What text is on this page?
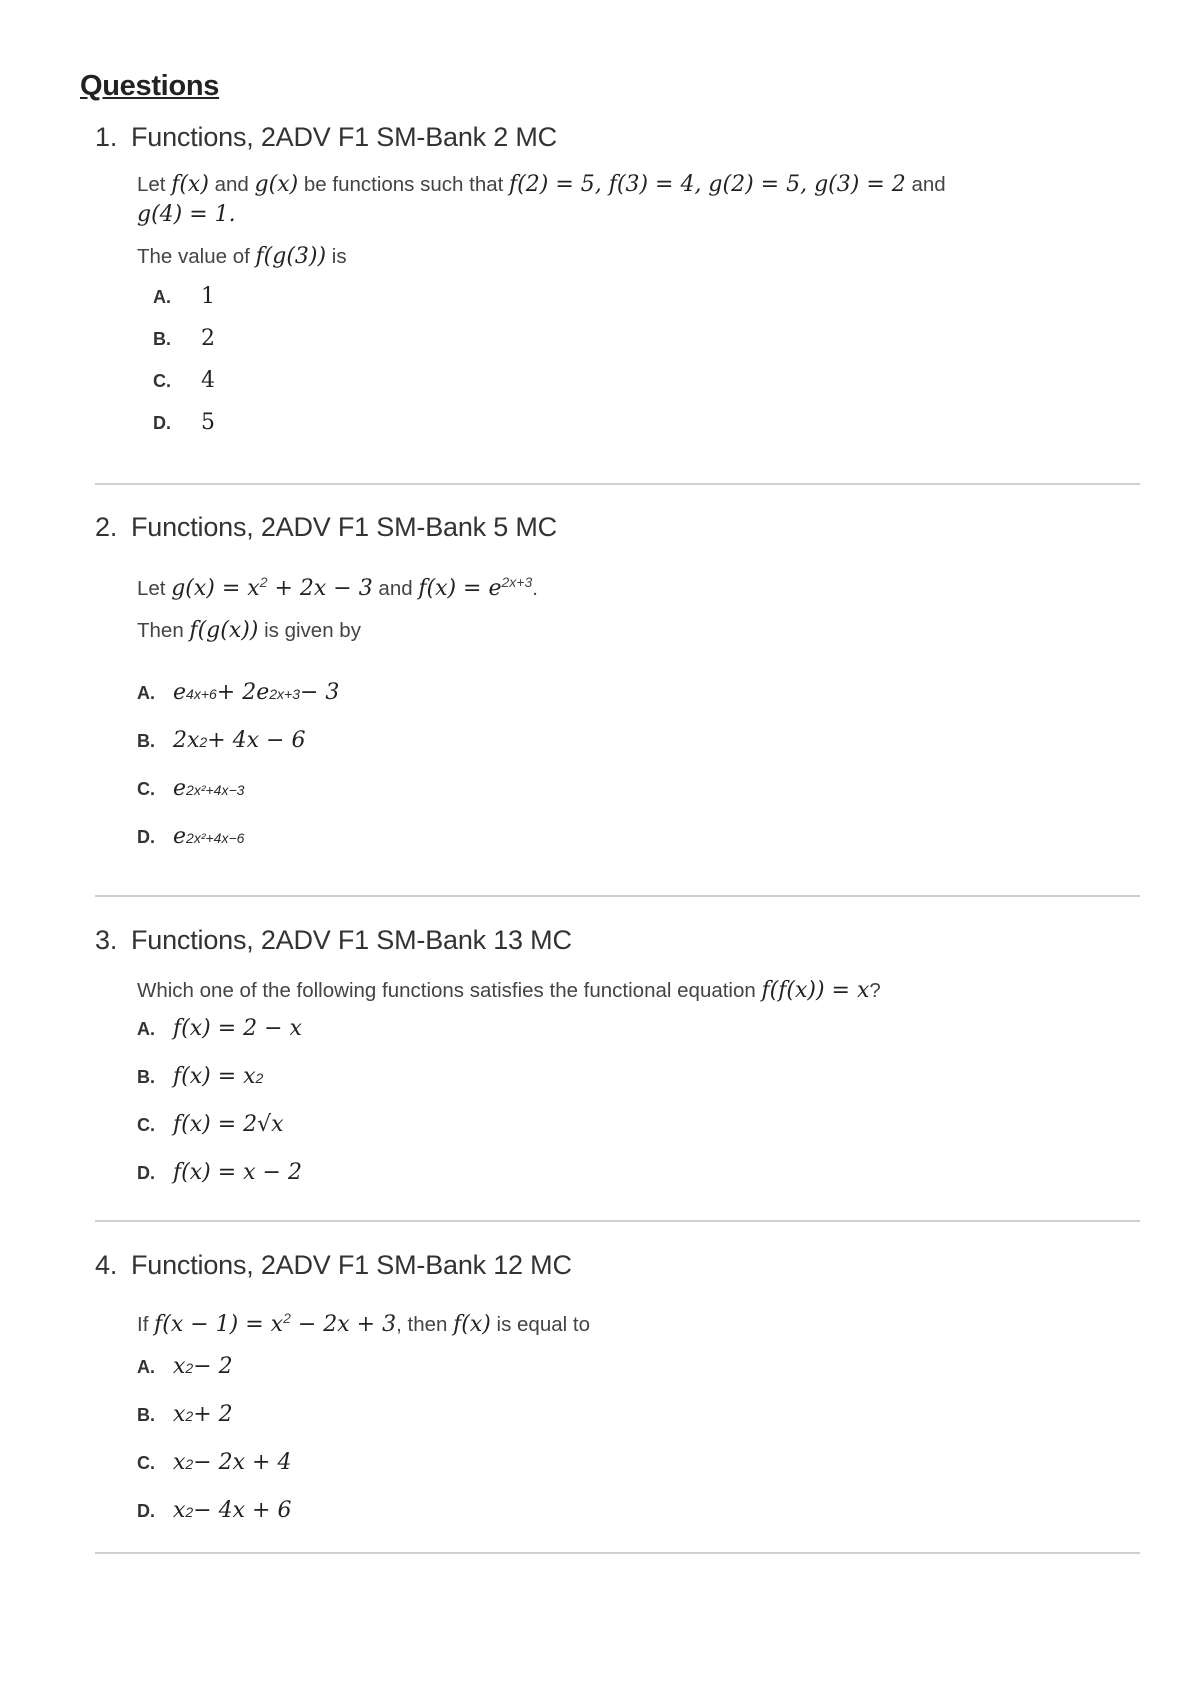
Questions
1. Functions, 2ADV F1 SM-Bank 2 MC
Let f(x) and g(x) be functions such that f(2) = 5, f(3) = 4, g(2) = 5, g(3) = 2 and
g(4) = 1.
The value of f(g(3)) is
A.	1
B.	2
C.	4
D.	5
2. Functions, 2ADV F1 SM-Bank 5 MC
Let $g(x) = x^2 + 2x - 3$ and $f(x) = e^{2x+3}$.
Then f(g(x)) is given by
A. e 4x+6 + 2e 2x+3 − 3
B. 2x 2 + 4x − 6
C. e 2x²+4x−3
D. e 2x²+4x−6
3. Functions, 2ADV F1 SM-Bank 13 MC
Which one of the following functions satisfies the functional equation f(f(x)) = x?
A. f(x) = 2 − x
B. f(x) = x 2
C. f(x) = 2√x
D. f(x) = x − 2
4. Functions, 2ADV F1 SM-Bank 12 MC
If $f(x - 1) = x^2 - 2x + 3$, then f(x) is equal to
A. x 2 − 2
B. x 2 + 2
C. x 2 − 2x + 4
D. x 2 − 4x + 6
